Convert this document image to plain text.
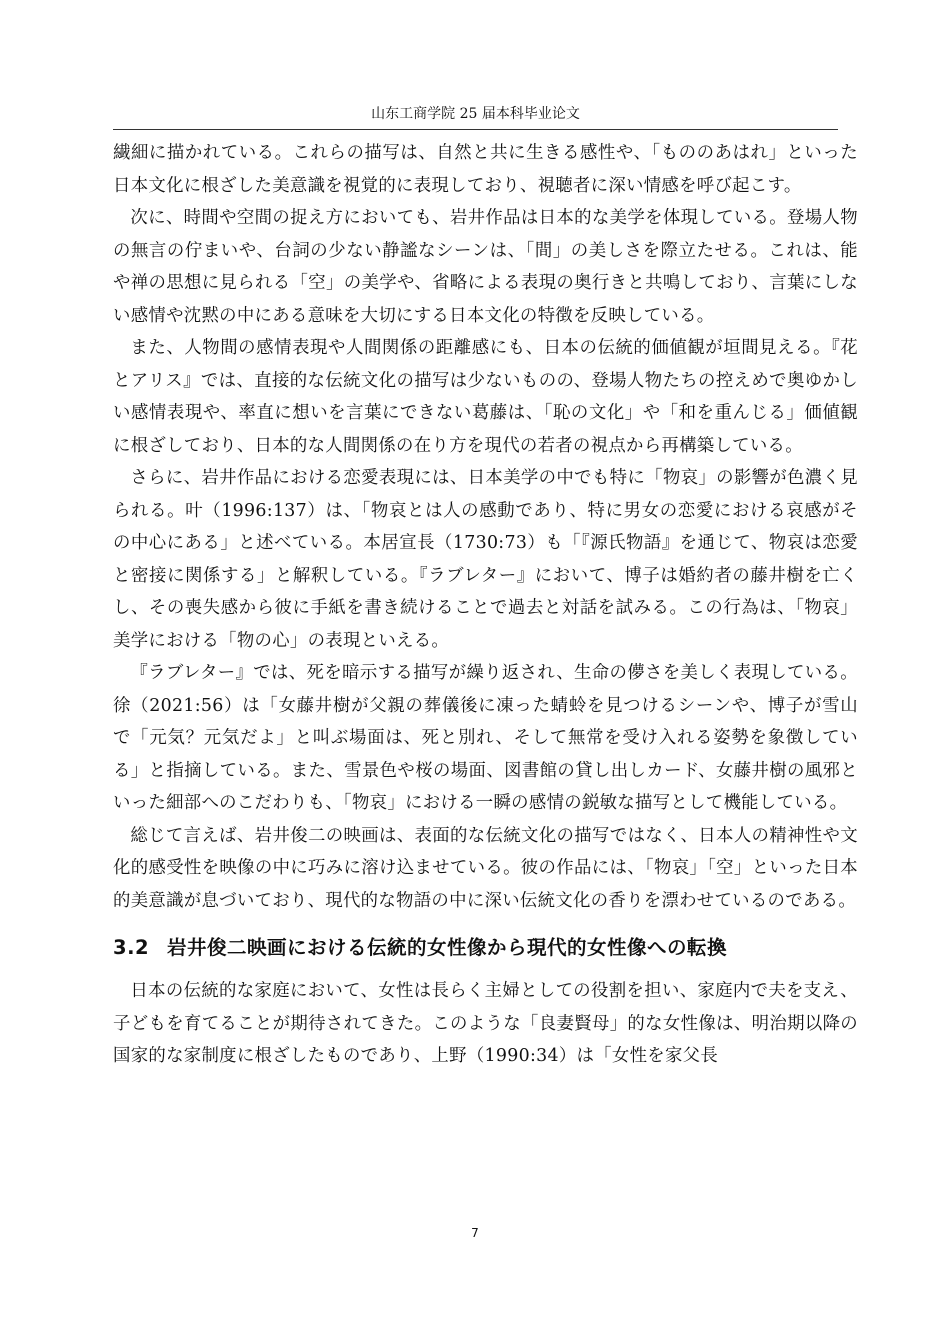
山东工商学院 25 届本科毕业论文

繊細に描かれている。これらの描写は、自然と共に生きる感性や、「もののあはれ」といった日本文化に根ざした美意識を視覚的に表現しており、視聴者に深い情感を呼び起こす。

次に、時間や空間の捉え方においても、岩井作品は日本的な美学を体現している。登場人物の無言の佇まいや、台詞の少ない静謐なシーンは、「間」の美しさを際立たせる。これは、能や禅の思想に見られる「空」の美学や、省略による表現の奥行きと共鳴しており、言葉にしない感情や沈黙の中にある意味を大切にする日本文化の特徴を反映している。

また、人物間の感情表現や人間関係の距離感にも、日本の伝統的価値観が垣間見える。『花とアリス』では、直接的な伝統文化の描写は少ないものの、登場人物たちの控えめで奥ゆかしい感情表現や、率直に想いを言葉にできない葛藤は、「恥の文化」や「和を重んじる」価値観に根ざしており、日本的な人間関係の在り方を現代の若者の視点から再構築している。

さらに、岩井作品における恋愛表現には、日本美学の中でも特に「物哀」の影響が色濃く見られる。叶（1996:137）は、「物哀とは人の感動であり、特に男女の恋愛における哀感がその中心にある」と述べている。本居宣長（1730:73）も「『源氏物語』を通じて、物哀は恋愛と密接に関係する」と解釈している。『ラブレター』において、博子は婚約者の藤井樹を亡くし、その喪失感から彼に手紙を書き続けることで過去と対話を試みる。この行為は、「物哀」美学における「物の心」の表現といえる。

『ラブレター』では、死を暗示する描写が繰り返され、生命の儚さを美しく表現している。徐（2021:56）は「女藤井樹が父親の葬儀後に凍った蜻蛉を見つけるシーンや、博子が雪山で「元気？元気だよ」と叫ぶ場面は、死と別れ、そして無常を受け入れる姿勢を象徴している」と指摘している。また、雪景色や桜の場面、図書館の貸し出しカード、女藤井樹の風邪といった細部へのこだわりも、「物哀」における一瞬の感情の鋭敏な描写として機能している。

総じて言えば、岩井俊二の映画は、表面的な伝統文化の描写ではなく、日本人の精神性や文化的感受性を映像の中に巧みに溶け込ませている。彼の作品には、「物哀」「空」といった日本的美意識が息づいており、現代的な物語の中に深い伝統文化の香りを漂わせているのである。

3.2 岩井俊二映画における伝統的女性像から現代的女性像への転換

日本の伝統的な家庭において、女性は長らく主婦としての役割を担い、家庭内で夫を支え、子どもを育てることが期待されてきた。このような「良妻賢母」的な女性像は、明治期以降の国家的な家制度に根ざしたものであり、上野（1990:34）は「女性を家父長

7
